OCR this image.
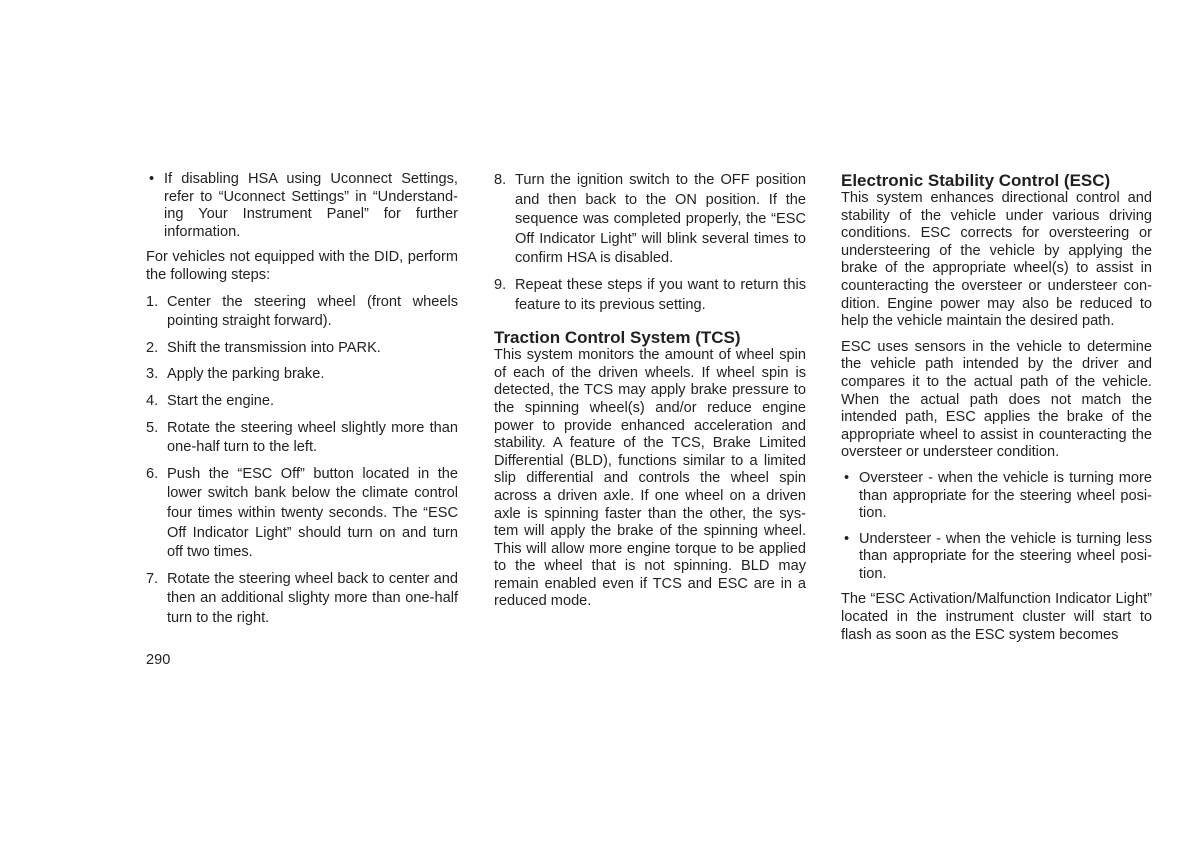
• If disabling HSA using Uconnect Settings, refer to “Uconnect Settings” in “Understand-ing Your Instrument Panel” for further information.

For vehicles not equipped with the DID, perform the following steps:

1. Center the steering wheel (front wheels pointing straight forward).
2. Shift the transmission into PARK.
3. Apply the parking brake.
4. Start the engine.
5. Rotate the steering wheel slightly more than one-half turn to the left.
6. Push the “ESC Off” button located in the lower switch bank below the climate control four times within twenty seconds. The “ESC Off Indicator Light” should turn on and turn off two times.
7. Rotate the steering wheel back to center and then an additional slighty more than one-half turn to the right.
8. Turn the ignition switch to the OFF position and then back to the ON position. If the sequence was completed properly, the “ESC Off Indicator Light” will blink several times to confirm HSA is disabled.
9. Repeat these steps if you want to return this feature to its previous setting.
Traction Control System (TCS)

This system monitors the amount of wheel spin of each of the driven wheels. If wheel spin is detected, the TCS may apply brake pressure to the spinning wheel(s) and/or reduce engine power to provide enhanced acceleration and stability. A feature of the TCS, Brake Limited Differential (BLD), functions similar to a limited slip differential and controls the wheel spin across a driven axle. If one wheel on a driven axle is spinning faster than the other, the sys-tem will apply the brake of the spinning wheel. This will allow more engine torque to be applied to the wheel that is not spinning. BLD may remain enabled even if TCS and ESC are in a reduced mode.

Electronic Stability Control (ESC)

This system enhances directional control and stability of the vehicle under various driving conditions. ESC corrects for oversteering or understeering of the vehicle by applying the brake of the appropriate wheel(s) to assist in counteracting the oversteer or understeer con-dition. Engine power may also be reduced to help the vehicle maintain the desired path.

ESC uses sensors in the vehicle to determine the vehicle path intended by the driver and compares it to the actual path of the vehicle. When the actual path does not match the intended path, ESC applies the brake of the appropriate wheel to assist in counteracting the oversteer or understeer condition.

• Oversteer - when the vehicle is turning more than appropriate for the steering wheel posi-tion.
• Understeer - when the vehicle is turning less than appropriate for the steering wheel posi-tion.

The “ESC Activation/Malfunction Indicator Light” located in the instrument cluster will start to flash as soon as the ESC system becomes

290
